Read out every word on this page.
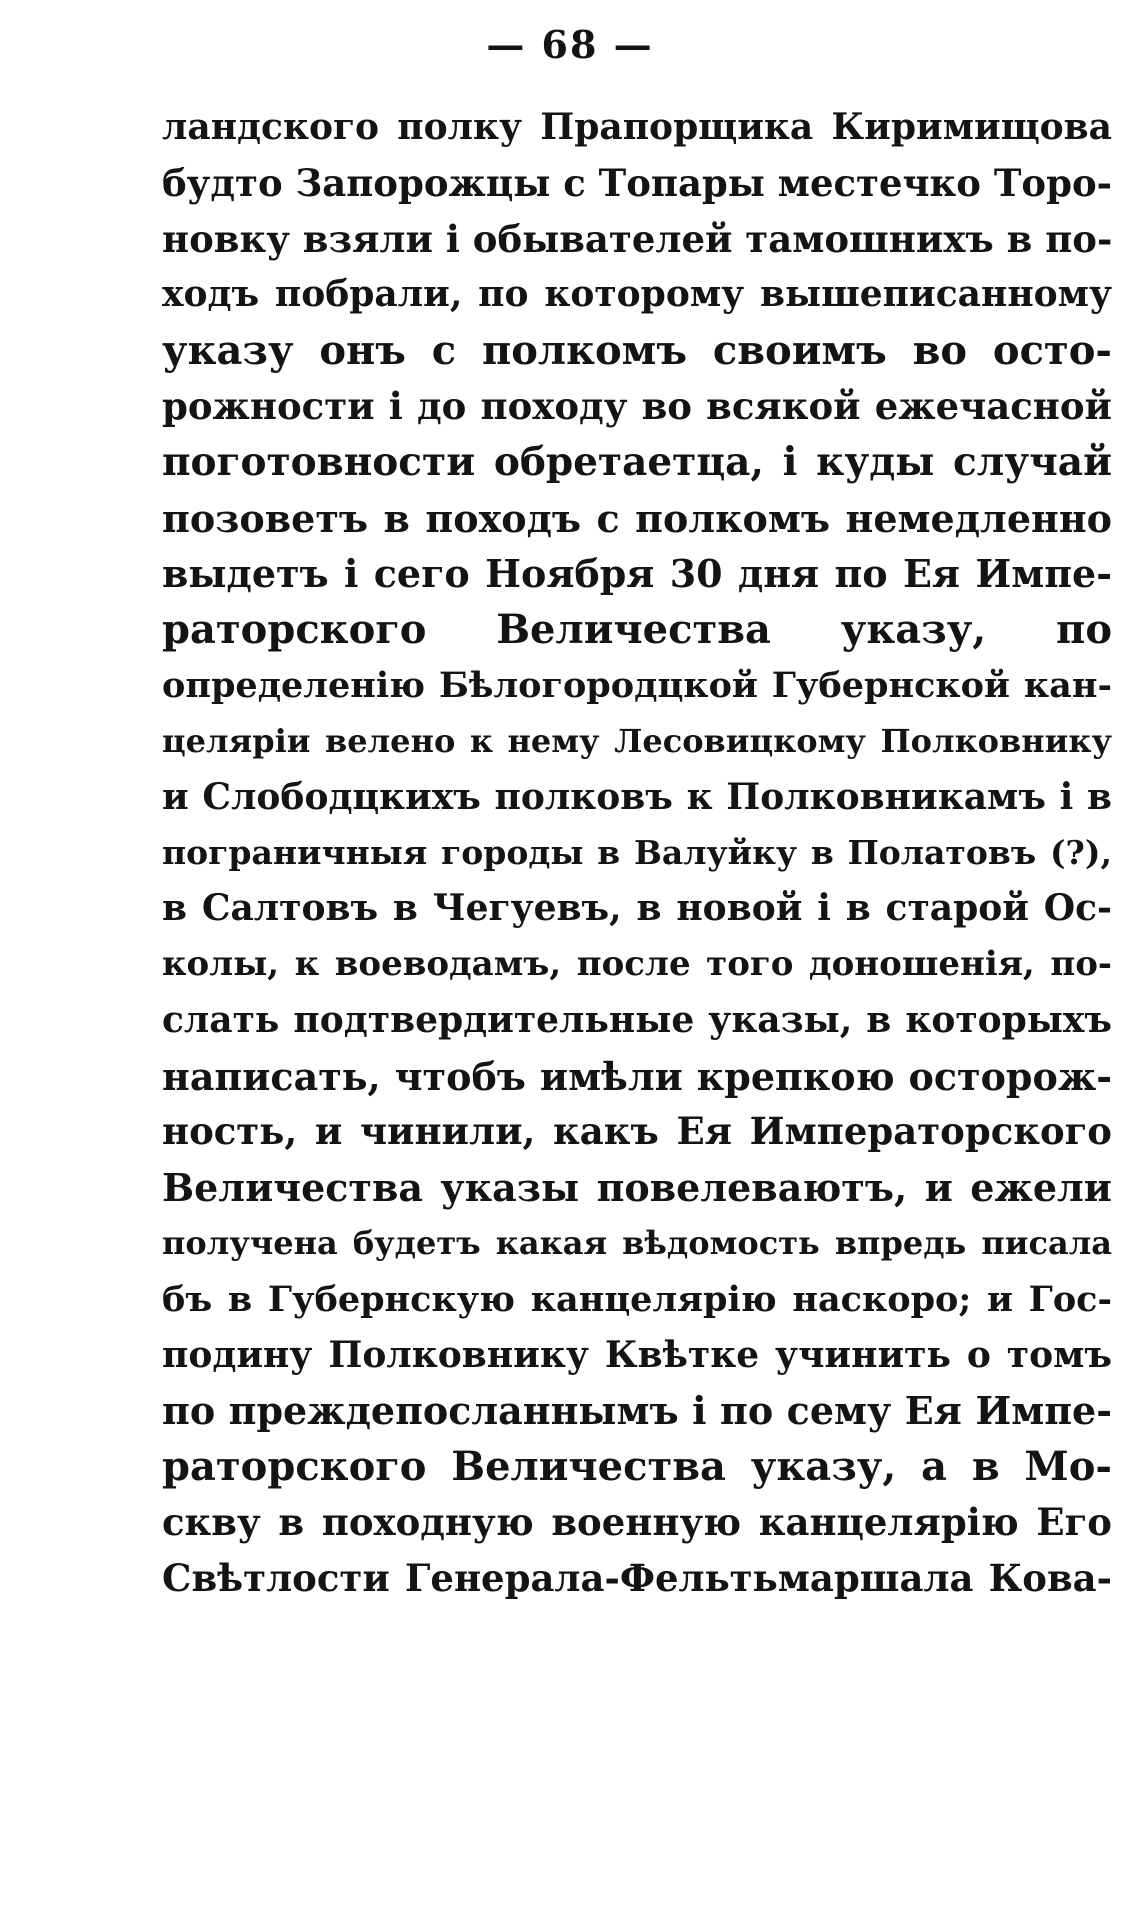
— 68 —
ландского полку Прапорщика Киримищова
будто Запорожцы с Топары местечко Торо-
новку взяли і обывателей тамошнихъ в по-
ходъ побрали, по которому вышеписанному
указу онъ с полкомъ своимъ во осто-
рожности і до походу во всякой ежечасной
поготовности обретаетца, і куды случай
позоветъ в походъ с полкомъ немедленно
выдетъ і сего Ноября 30 дня по Ея Импе-
раторского Величества указу, по
определенію Бѣлогородцкой Губернской кан-
целяріи велено к нему Лесовицкому Полковнику
и Слободцкихъ полковъ к Полковникамъ і в
пограничныя городы в Валуйку в Полатовъ (?),
в Салтовъ в Чегуевъ, в новой і в старой Ос-
колы, к воеводамъ, после того доношенія, по-
слать подтвердительные указы, в которыхъ
написать, чтобъ имѣли крепкою осторож-
ность, и чинили, какъ Ея Императорского
Величества указы повелеваютъ, и ежели
получена будетъ какая вѣдомость впредь писала
бъ в Губернскую канцелярію наскоро; и Гос-
подину Полковнику Квѣтке учинить о томъ
по преждепосланнымъ і по сему Ея Импе-
раторского Величества указу, а в Мо-
скву в походную военную канцелярію Его
Свѣтлости Генерала-Фельтьмаршала Кова-
